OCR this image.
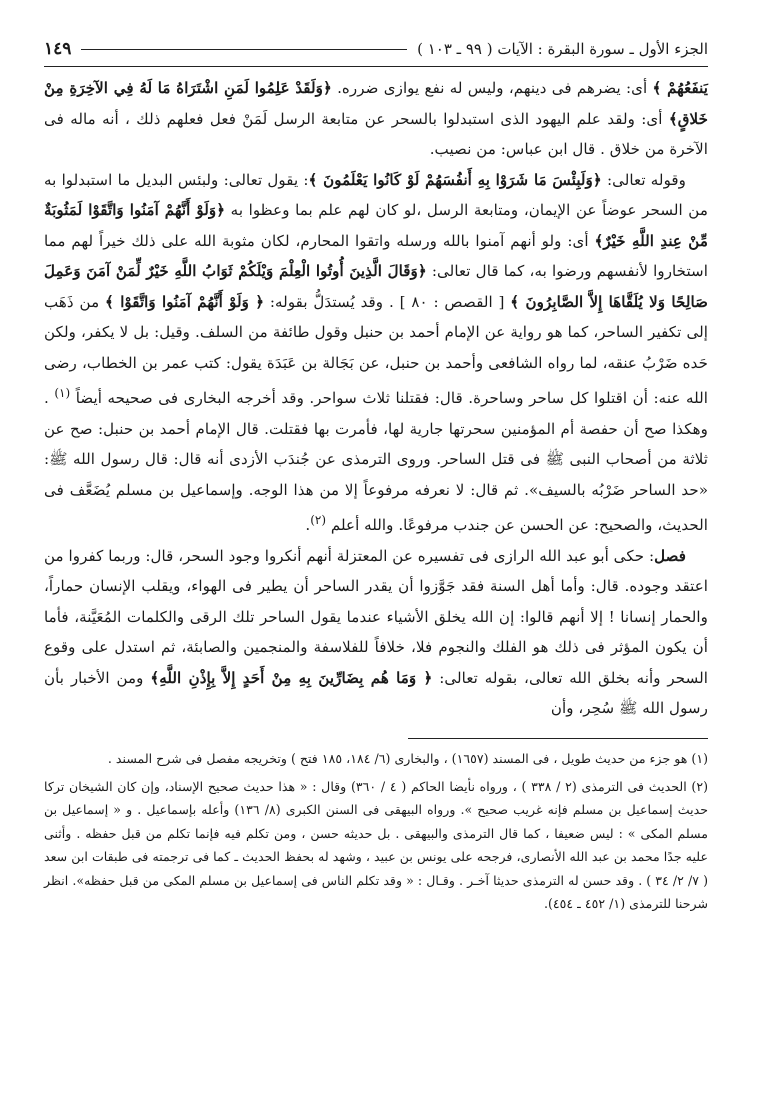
الجزء الأول ـ سورة البقرة : الآيات ( ٩٩ ـ ١٠٣ )
١٤٩

يَنفَعُهُمْ ﴾ أى: يضرهم فى دينهم، وليس له نفع يوازى ضرره. ﴿وَلَقَدْ عَلِمُوا لَمَنِ اشْتَرَاهُ مَا لَهُ فِي الآخِرَةِ مِنْ خَلاقٍ﴾ أى: ولقد علم اليهود الذى استبدلوا بالسحر عن متابعة الرسل لَمَنْ فعل فعلهم ذلك ، أنه ماله فى الآخرة من خلاق . قال ابن عباس: من نصيب.

وقوله تعالى: ﴿وَلَبِئْسَ مَا شَرَوْا بِهِ أَنفُسَهُمْ لَوْ كَانُوا يَعْلَمُونَ ﴾: يقول تعالى: ولبئس البديل ما استبدلوا به من السحر عوضاً عن الإيمان، ومتابعة الرسل ،لو كان لهم علم بما وعظوا به ﴿وَلَوْ أَنَّهُمْ آمَنُوا وَاتَّقَوْا لَمَثُوبَةٌ مِّنْ عِندِ اللَّهِ خَيْرٌ﴾ أى: ولو أنهم آمنوا بالله ورسله واتقوا المحارم، لكان مثوبة الله على ذلك خيراً لهم مما استخاروا لأنفسهم ورضوا به، كما قال تعالى: ﴿وَقَالَ الَّذِينَ أُوتُوا الْعِلْمَ وَيْلَكُمْ ثَوَابُ اللَّهِ خَيْرٌ لِّمَنْ آمَنَ وَعَمِلَ صَالِحًا وَلا يُلَقَّاهَا إِلاَّ الصَّابِرُونَ ﴾ [ القصص : ٨٠ ] . وقد يُستدَلُّ بقوله: ﴿ وَلَوْ أَنَّهُمْ آمَنُوا وَاتَّقَوْا ﴾ من ذَهَب إلى تكفير الساحر، كما هو رواية عن الإمام أحمد بن حنبل وقول طائفة من السلف. وقيل: بل لا يكفر، ولكن حَده ضَرْبُ عنقه، لما رواه الشافعى وأحمد بن حنبل، عن بَجَالة بن عَبَدَة يقول: كتب عمر بن الخطاب، رضى الله عنه: أن اقتلوا كل ساحر وساحرة. قال: فقتلنا ثلاث سواحر. وقد أخرجه البخارى فى صحيحه أيضاً $^{(١)}$ . وهكذا صح أن حفصة أم المؤمنين سحرتها جارية لها، فأمرت بها فقتلت. قال الإمام أحمد بن حنبل: صح عن ثلاثة من أصحاب النبى ﷺ فى قتل الساحر. وروى الترمذى عن جُندَب الأزدى أنه قال: قال رسول الله ﷺ: «حد الساحر ضَرْبُه بالسيف». ثم قال: لا نعرفه مرفوعاً إلا من هذا الوجه. وإسماعيل بن مسلم يُضَعَّف فى الحديث، والصحيح: عن الحسن عن جندب مرفوعًا. والله أعلم $^{(٢)}$.

فصل: حكى أبو عبد الله الرازى فى تفسيره عن المعتزلة أنهم أنكروا وجود السحر، قال: وربما كفروا من اعتقد وجوده. قال: وأما أهل السنة فقد جَوَّزوا أن يقدر الساحر أن يطير فى الهواء، ويقلب الإنسان حماراً، والحمار إنسانا ! إلا أنهم قالوا: إن الله يخلق الأشياء عندما يقول الساحر تلك الرقى والكلمات المُعَيَّنة، فأما أن يكون المؤثر فى ذلك هو الفلك والنجوم فلا، خلافاً للفلاسفة والمنجمين والصابئة، ثم استدل على وقوع السحر وأنه بخلق الله تعالى، بقوله تعالى: ﴿ وَمَا هُم بِضَارِّينَ بِهِ مِنْ أَحَدٍ إِلاَّ بِإِذْنِ اللَّهِ﴾ ومن الأخبار بأن رسول الله ﷺ سُحِر، وأن

(١) هو جزء من حديث طويل ، فى المسند (١٦٥٧) ، والبخارى (٦/ ١٨٤، ١٨٥ فتح ) وتخريجه مفصل فى شرح المسند .

(٢) الحديث فى الترمذى (٢ / ٣٣٨ ) ، ورواه نأيضا الحاكم ( ٤ / ٣٦٠) وقال : « هذا حديث صحيح الإسناد، وإن كان الشيخان تركا حديث إسماعيل بن مسلم فإنه غريب صحيح ». ورواه البيهقى فى السنن الكبرى (٨/ ١٣٦) وأعله بإسماعيل . و « إسماعيل بن مسلم المكى » : ليس ضعيفا ، كما قال الترمذى والبيهقى . بل حديثه حسن ، ومن تكلم فيه فإنما تكلم من قبل حفظه . وأثنى عليه جدًا محمد بن عبد الله الأنصارى، فرجحه على يونس بن عبيد ، وشهد له بحفظ الحديث ـ كما فى ترجمته فى طبقات ابن سعد ( ٧/ ٢/ ٣٤ ) . وقد حسن له الترمذى حديثا آخـر . وقـال : « وقد تكلم الناس فى إسماعيل بن مسلم المكى من قبل حفظه». انظر شرحنا للترمذى (١/ ٤٥٢ ـ ٤٥٤).
